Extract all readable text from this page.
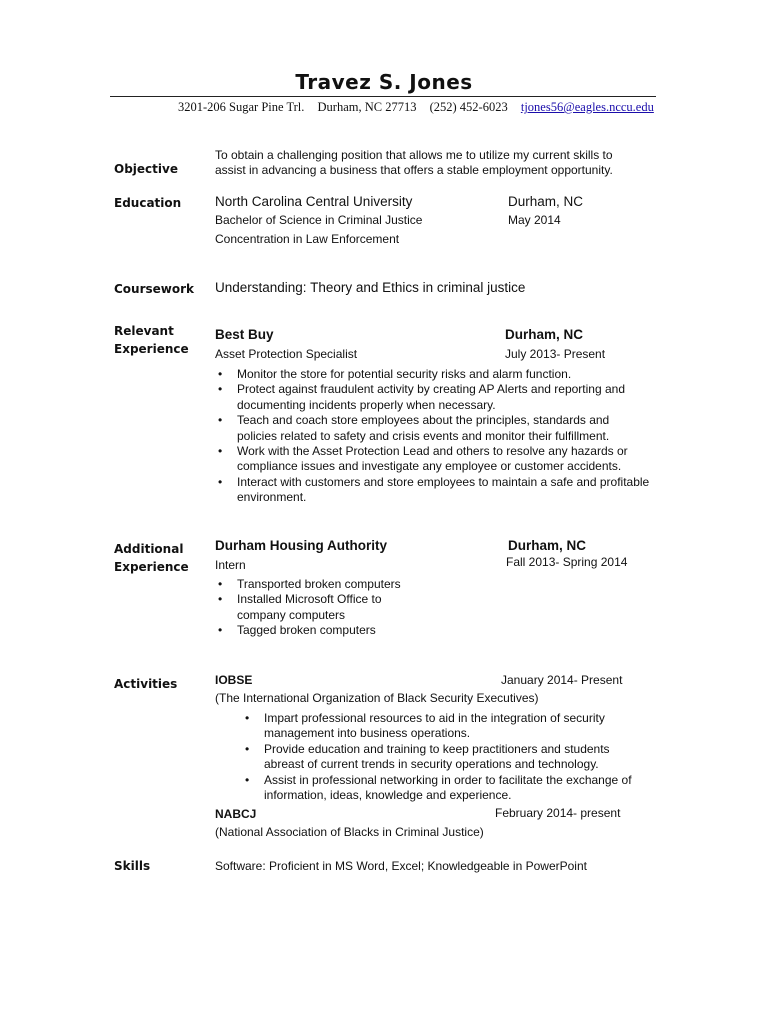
Travez S. Jones
3201-206 Sugar Pine Trl. Durham, NC 27713 (252) 452-6023 tjones56@eagles.nccu.edu
Objective
To obtain a challenging position that allows me to utilize my current skills to assist in advancing a business that offers a stable employment opportunity.
Education	North Carolina Central University	Durham, NC
Bachelor of Science in Criminal Justice	May 2014
Concentration in Law Enforcement
Coursework Understanding: Theory and Ethics in criminal justice
Relevant
Experience
Best Buy	Durham, NC
Asset Protection Specialist	July 2013- Present
• Monitor the store for potential security risks and alarm function.
• Protect against fraudulent activity by creating AP Alerts and reporting and documenting incidents properly when necessary.
• Teach and coach store employees about the principles, standards and policies related to safety and crisis events and monitor their fulfillment.
• Work with the Asset Protection Lead and others to resolve any hazards or compliance issues and investigate any employee or customer accidents.
• Interact with customers and store employees to maintain a safe and profitable environment.
Additional
Experience
Durham Housing Authority	Durham, NC
Intern	Fall 2013- Spring 2014
• Transported broken computers
• Installed Microsoft Office to company computers
• Tagged broken computers
Activities	IOBSE	January 2014- Present
(The International Organization of Black Security Executives)
• Impart professional resources to aid in the integration of security management into business operations.
• Provide education and training to keep practitioners and students abreast of current trends in security operations and technology.
• Assist in professional networking in order to facilitate the exchange of information, ideas, knowledge and experience.
NABCJ	February 2014- present
(National Association of Blacks in Criminal Justice)
Skills	Software: Proficient in MS Word, Excel; Knowledgeable in PowerPoint
